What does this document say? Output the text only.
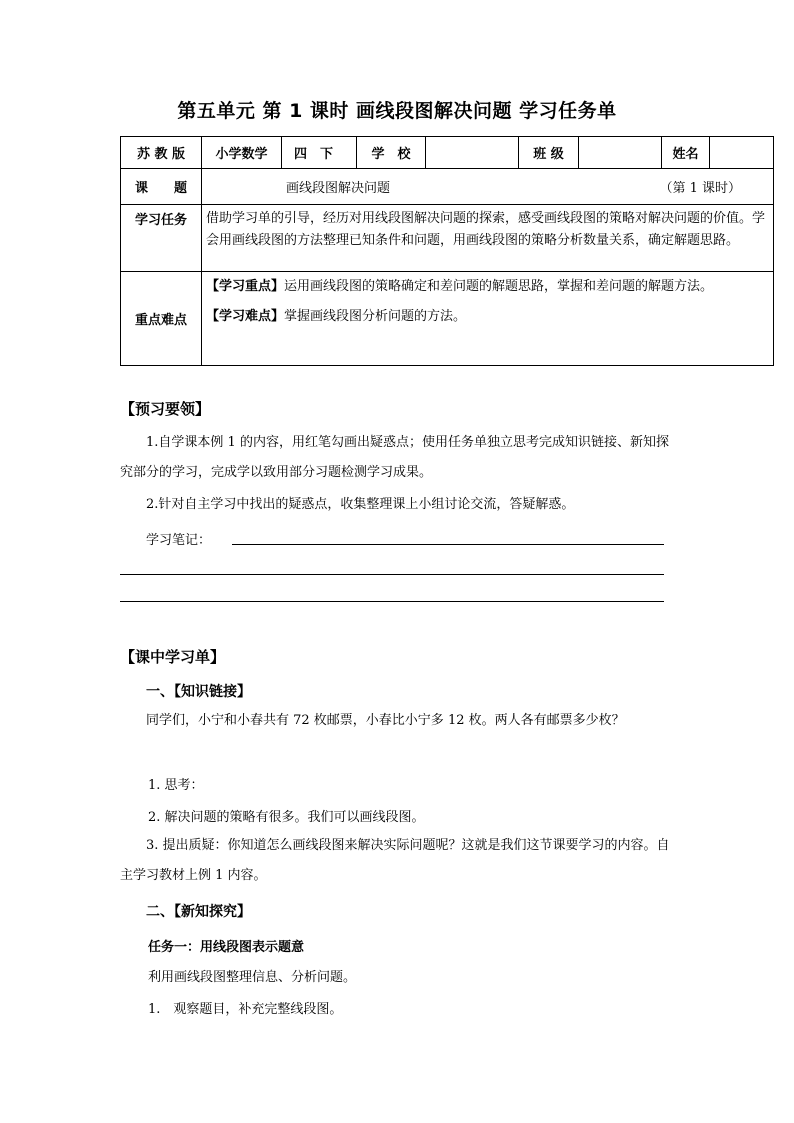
第五单元 第 1 课时 画线段图解决问题 学习任务单
苏 教 版	小学数学	四　下	学　校		班 级		姓名	
课　　题	画线段图解决问题 （第 1 课时）							

学习任务	借助学习单的引导，经历对用线段图解决问题的探索，感受画线段图的策略对解决问题的价值。学会用画线段图的方法整理已知条件和问题，用画线段图的策略分析数量关系，确定解题思路。							
重点难点	【学习重点】运用画线段图的策略确定和差问题的解题思路，掌握和差问题的解题方法。
【学习难点】掌握画线段图分析问题的方法。							
【预习要领】
1.自学课本例 1 的内容，用红笔勾画出疑惑点；使用任务单独立思考完成知识链接、新知探究部分的学习，完成学以致用部分习题检测学习成果。
2.针对自主学习中找出的疑惑点，收集整理课上小组讨论交流，答疑解惑。
学习笔记：
【课中学习单】
一、【知识链接】
同学们，小宁和小春共有 72 枚邮票，小春比小宁多 12 枚。两人各有邮票多少枚？
1. 思考：
2. 解决问题的策略有很多。我们可以画线段图。
3. 提出质疑：你知道怎么画线段图来解决实际问题呢？这就是我们这节课要学习的内容。自主学习教材上例 1 内容。
二、【新知探究】
任务一：用线段图表示题意
利用画线段图整理信息、分析问题。
1.　观察题目，补充完整线段图。
